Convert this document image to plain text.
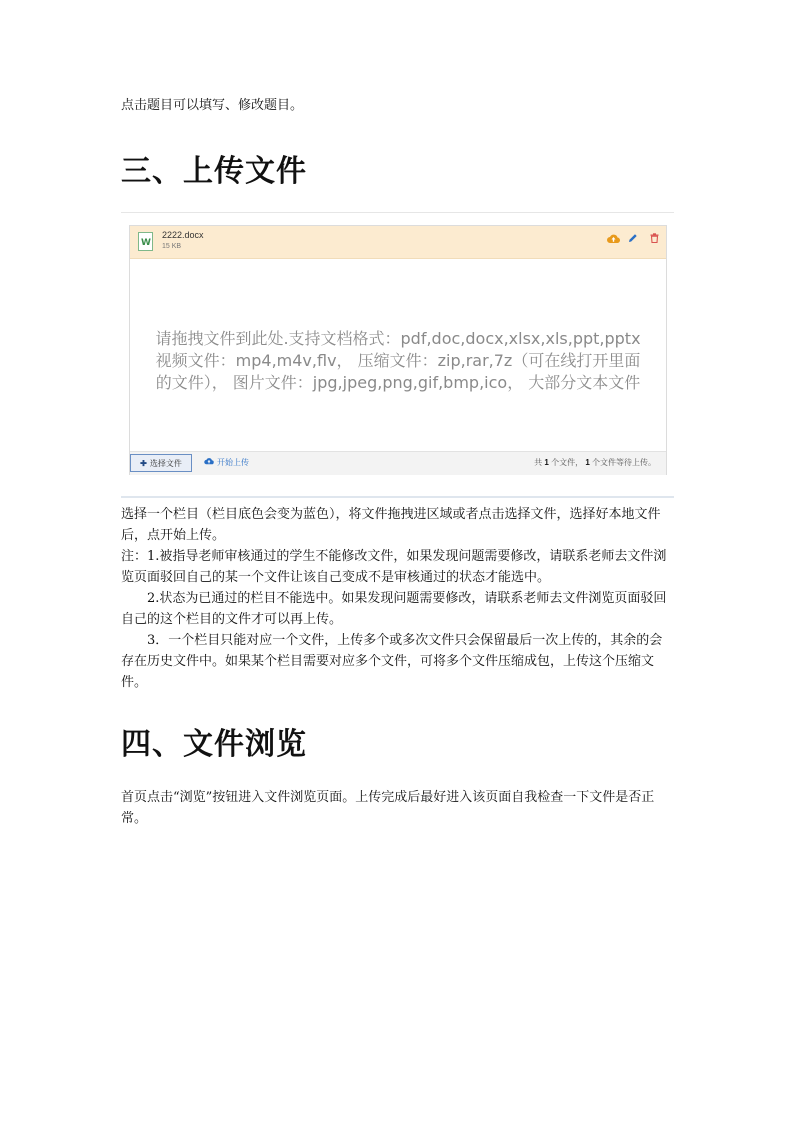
点击题目可以填写、修改题目。

三、上传文件
W
2222.docx
15 KB
请拖拽文件到此处.支持文档格式：pdf,doc,docx,xlsx,xls,ppt,pptx
视频文件：mp4,m4v,flv， 压缩文件：zip,rar,7z（可在线打开里面
的文件）， 图片文件：jpg,jpeg,png,gif,bmp,ico， 大部分文本文件
✚ 选择文件	开始上传	共 1 个文件， 1 个文件等待上传。

选择一个栏目（栏目底色会变为蓝色），将文件拖拽进区域或者点击选择文件，选择好本地文件后，点开始上传。

注：1.被指导老师审核通过的学生不能修改文件，如果发现问题需要修改，请联系老师去文件浏览页面驳回自己的某一个文件让该自己变成不是审核通过的状态才能选中。

2.状态为已通过的栏目不能选中。如果发现问题需要修改，请联系老师去文件浏览页面驳回自己的这个栏目的文件才可以再上传。

3．一个栏目只能对应一个文件，上传多个或多次文件只会保留最后一次上传的，其余的会存在历史文件中。如果某个栏目需要对应多个文件，可将多个文件压缩成包，上传这个压缩文件。

四、文件浏览

首页点击“浏览”按钮进入文件浏览页面。上传完成后最好进入该页面自我检查一下文件是否正常。
